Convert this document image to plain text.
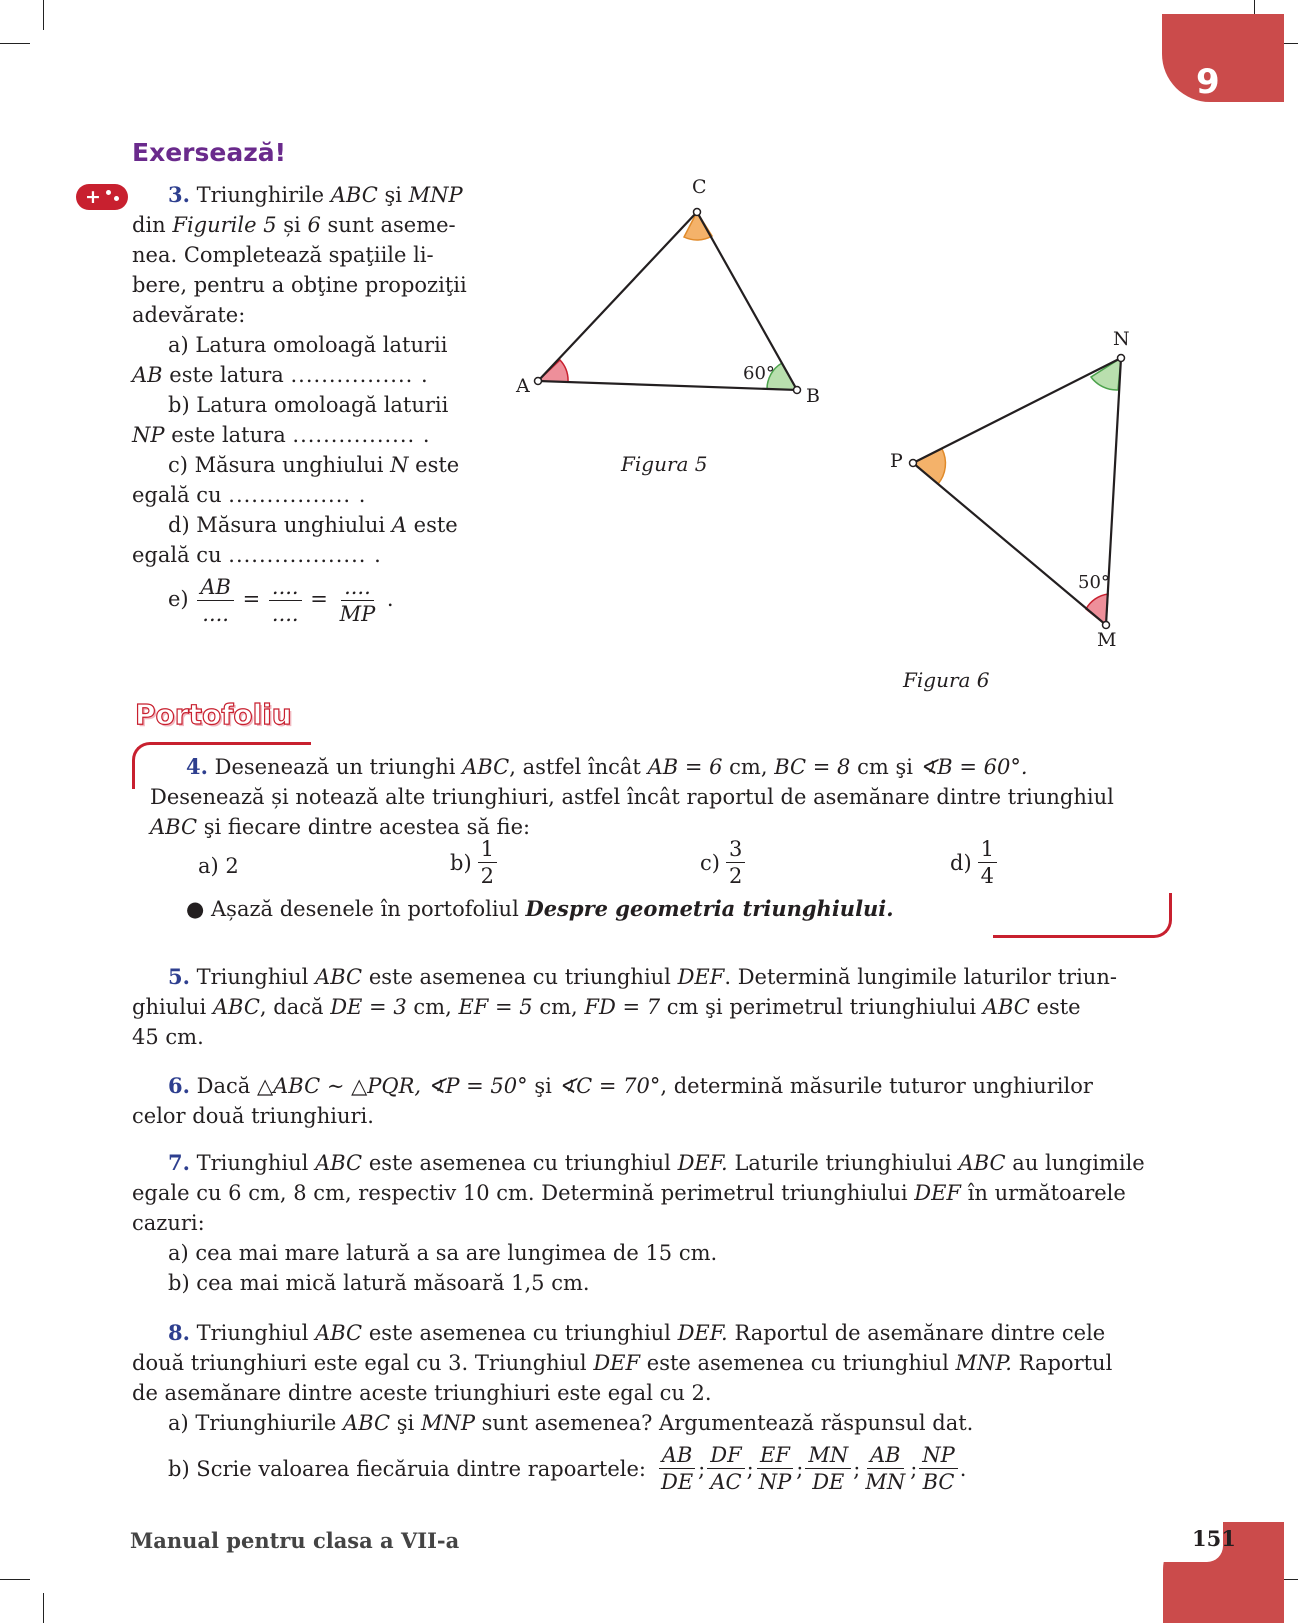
9
Exersează!
+	3. Triunghirile ABC şi MNP
din Figurile 5 și 6 sunt aseme-
nea. Completează spaţiile li-
bere, pentru a obţine propoziţii
adevărate:
a) Latura omoloagă laturii
AB este latura ................ .
b) Latura omoloagă laturii
NP este latura ................ .
c) Măsura unghiului N este
egală cu ................ .
d) Măsura unghiului A este
egală cu .................. .
$e) \frac{AB}{....} = \frac{....}{....} = \frac{....}{MP}$ .
C
A	B
60°
Figura 5
N
P
M
50°
Figura 6
Portofoliu
4. Desenează un triunghi ABC, astfel încât AB = 6 cm, BC = 8 cm şi ∢B = 60°.
Desenează și notează alte triunghiuri, astfel încât raportul de asemănare dintre triunghiul
ABC şi fiecare dintre acestea să fie:
a) 2	$b) \frac{1}{2}$	$c) \frac{3}{2}$	$d) \frac{1}{4}$
● Așază desenele în portofoliul Despre geometria triunghiului.
5. Triunghiul ABC este asemenea cu triunghiul DEF. Determină lungimile laturilor triun-
ghiului ABC, dacă DE = 3 cm, EF = 5 cm, FD = 7 cm şi perimetrul triunghiului ABC este
45 cm.
6. Dacă △ABC ∼ △PQR, ∢P = 50° şi ∢C = 70°, determină măsurile tuturor unghiurilor
celor două triunghiuri.
7. Triunghiul ABC este asemenea cu triunghiul DEF. Laturile triunghiului ABC au lungimile
egale cu 6 cm, 8 cm, respectiv 10 cm. Determină perimetrul triunghiului DEF în următoarele
cazuri:
a) cea mai mare latură a sa are lungimea de 15 cm.
b) cea mai mică latură măsoară 1,5 cm.
8. Triunghiul ABC este asemenea cu triunghiul DEF. Raportul de asemănare dintre cele
două triunghiuri este egal cu 3. Triunghiul DEF este asemenea cu triunghiul MNP. Raportul
de asemănare dintre aceste triunghiuri este egal cu 2.
a) Triunghiurile ABC şi MNP sunt asemenea? Argumentează răspunsul dat.
b) Scrie valoarea fiecăruia dintre rapoartele: $\frac{AB}{DE}$ ; $\frac{DF}{AC}$ ; $\frac{EF}{NP}$ ; $\frac{MN}{DE}$ ; $\frac{AB}{MN}$ ; $\frac{NP}{BC}$ .
Manual pentru clasa a VII-a	151
